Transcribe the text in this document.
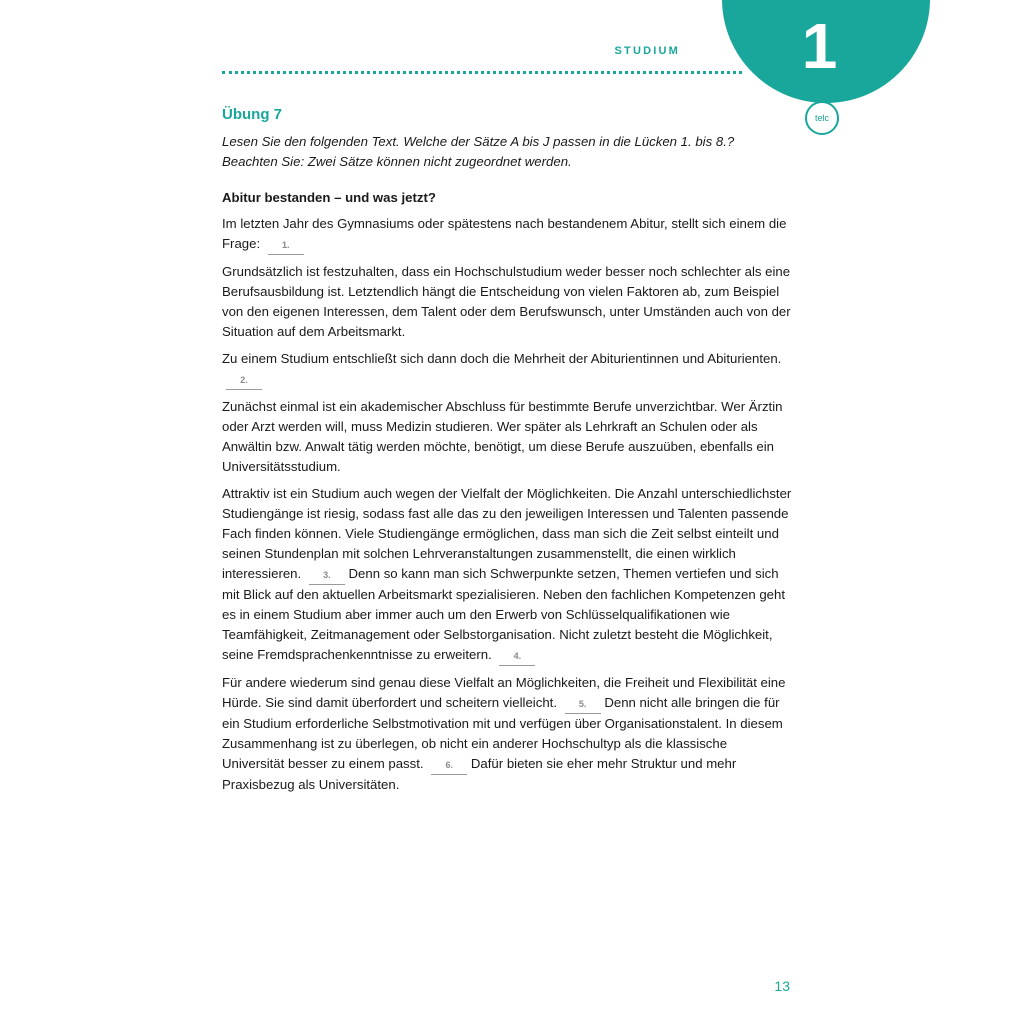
1
STUDIUM
telc
Übung 7
Lesen Sie den folgenden Text. Welche der Sätze A bis J passen in die Lücken 1. bis 8.? Beachten Sie: Zwei Sätze können nicht zugeordnet werden.
Abitur bestanden – und was jetzt?

Im letzten Jahr des Gymnasiums oder spätestens nach bestandenem Abitur, stellt sich einem die Frage: 1.

Grundsätzlich ist festzuhalten, dass ein Hochschulstudium weder besser noch schlechter als eine Berufsausbildung ist. Letztendlich hängt die Entscheidung von vielen Faktoren ab, zum Beispiel von den eigenen Interessen, dem Talent oder dem Berufswunsch, unter Umständen auch von der Situation auf dem Arbeitsmarkt.

Zu einem Studium entschließt sich dann doch die Mehrheit der Abiturientinnen und Abiturienten. 2.

Zunächst einmal ist ein akademischer Abschluss für bestimmte Berufe unverzichtbar. Wer Ärztin oder Arzt werden will, muss Medizin studieren. Wer später als Lehrkraft an Schulen oder als Anwältin bzw. Anwalt tätig werden möchte, benötigt, um diese Berufe auszuüben, ebenfalls ein Universitätsstudium.

Attraktiv ist ein Studium auch wegen der Vielfalt der Möglichkeiten. Die Anzahl unterschiedlichster Studiengänge ist riesig, sodass fast alle das zu den jeweiligen Interessen und Talenten passende Fach finden können. Viele Studiengänge ermöglichen, dass man sich die Zeit selbst einteilt und seinen Stundenplan mit solchen Lehrveranstaltungen zusammenstellt, die einen wirklich interessieren. 3. Denn so kann man sich Schwerpunkte setzen, Themen vertiefen und sich mit Blick auf den aktuellen Arbeitsmarkt spezialisieren. Neben den fachlichen Kompetenzen geht es in einem Studium aber immer auch um den Erwerb von Schlüsselqualifikationen wie Teamfähigkeit, Zeitmanagement oder Selbstorganisation. Nicht zuletzt besteht die Möglichkeit, seine Fremdsprachenkenntnisse zu erweitern. 4.

Für andere wiederum sind genau diese Vielfalt an Möglichkeiten, die Freiheit und Flexibilität eine Hürde. Sie sind damit überfordert und scheitern vielleicht. 5. Denn nicht alle bringen die für ein Studium erforderliche Selbstmotivation mit und verfügen über Organisationstalent. In diesem Zusammenhang ist zu überlegen, ob nicht ein anderer Hochschultyp als die klassische Universität besser zu einem passt. 6. Dafür bieten sie eher mehr Struktur und mehr Praxisbezug als Universitäten.

13
